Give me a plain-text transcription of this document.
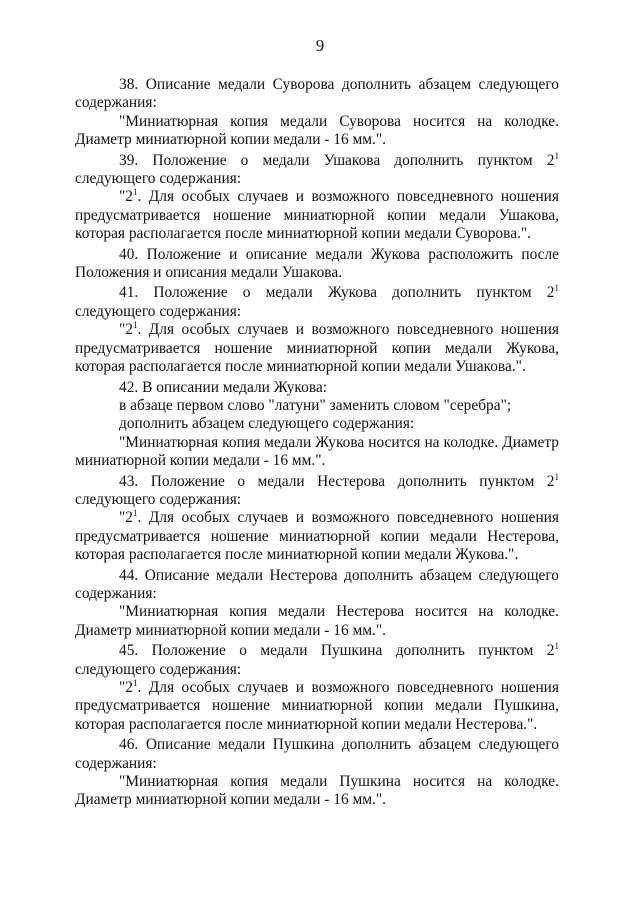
9

38. Описание медали Суворова дополнить абзацем следующего содержания:

"Миниатюрная копия медали Суворова носится на колодке. Диаметр миниатюрной копии медали - 16 мм.".

39. Положение о медали Ушакова дополнить пунктом $2^1$ следующего содержания:

"$2^1$. Для особых случаев и возможного повседневного ношения предусматривается ношение миниатюрной копии медали Ушакова, которая располагается после миниатюрной копии медали Суворова.".

40. Положение и описание медали Жукова расположить после Положения и описания медали Ушакова.

41. Положение о медали Жукова дополнить пунктом $2^1$ следующего содержания:

"$2^1$. Для особых случаев и возможного повседневного ношения предусматривается ношение миниатюрной копии медали Жукова, которая располагается после миниатюрной копии медали Ушакова.".

42. В описании медали Жукова:

в абзаце первом слово "латуни" заменить словом "серебра";

дополнить абзацем следующего содержания:

"Миниатюрная копия медали Жукова носится на колодке. Диаметр миниатюрной копии медали - 16 мм.".

43. Положение о медали Нестерова дополнить пунктом $2^1$ следующего содержания:

"$2^1$. Для особых случаев и возможного повседневного ношения предусматривается ношение миниатюрной копии медали Нестерова, которая располагается после миниатюрной копии медали Жукова.".

44. Описание медали Нестерова дополнить абзацем следующего содержания:

"Миниатюрная копия медали Нестерова носится на колодке. Диаметр миниатюрной копии медали - 16 мм.".

45. Положение о медали Пушкина дополнить пунктом $2^1$ следующего содержания:

"$2^1$. Для особых случаев и возможного повседневного ношения предусматривается ношение миниатюрной копии медали Пушкина, которая располагается после миниатюрной копии медали Нестерова.".

46. Описание медали Пушкина дополнить абзацем следующего содержания:

"Миниатюрная копия медали Пушкина носится на колодке. Диаметр миниатюрной копии медали - 16 мм.".
